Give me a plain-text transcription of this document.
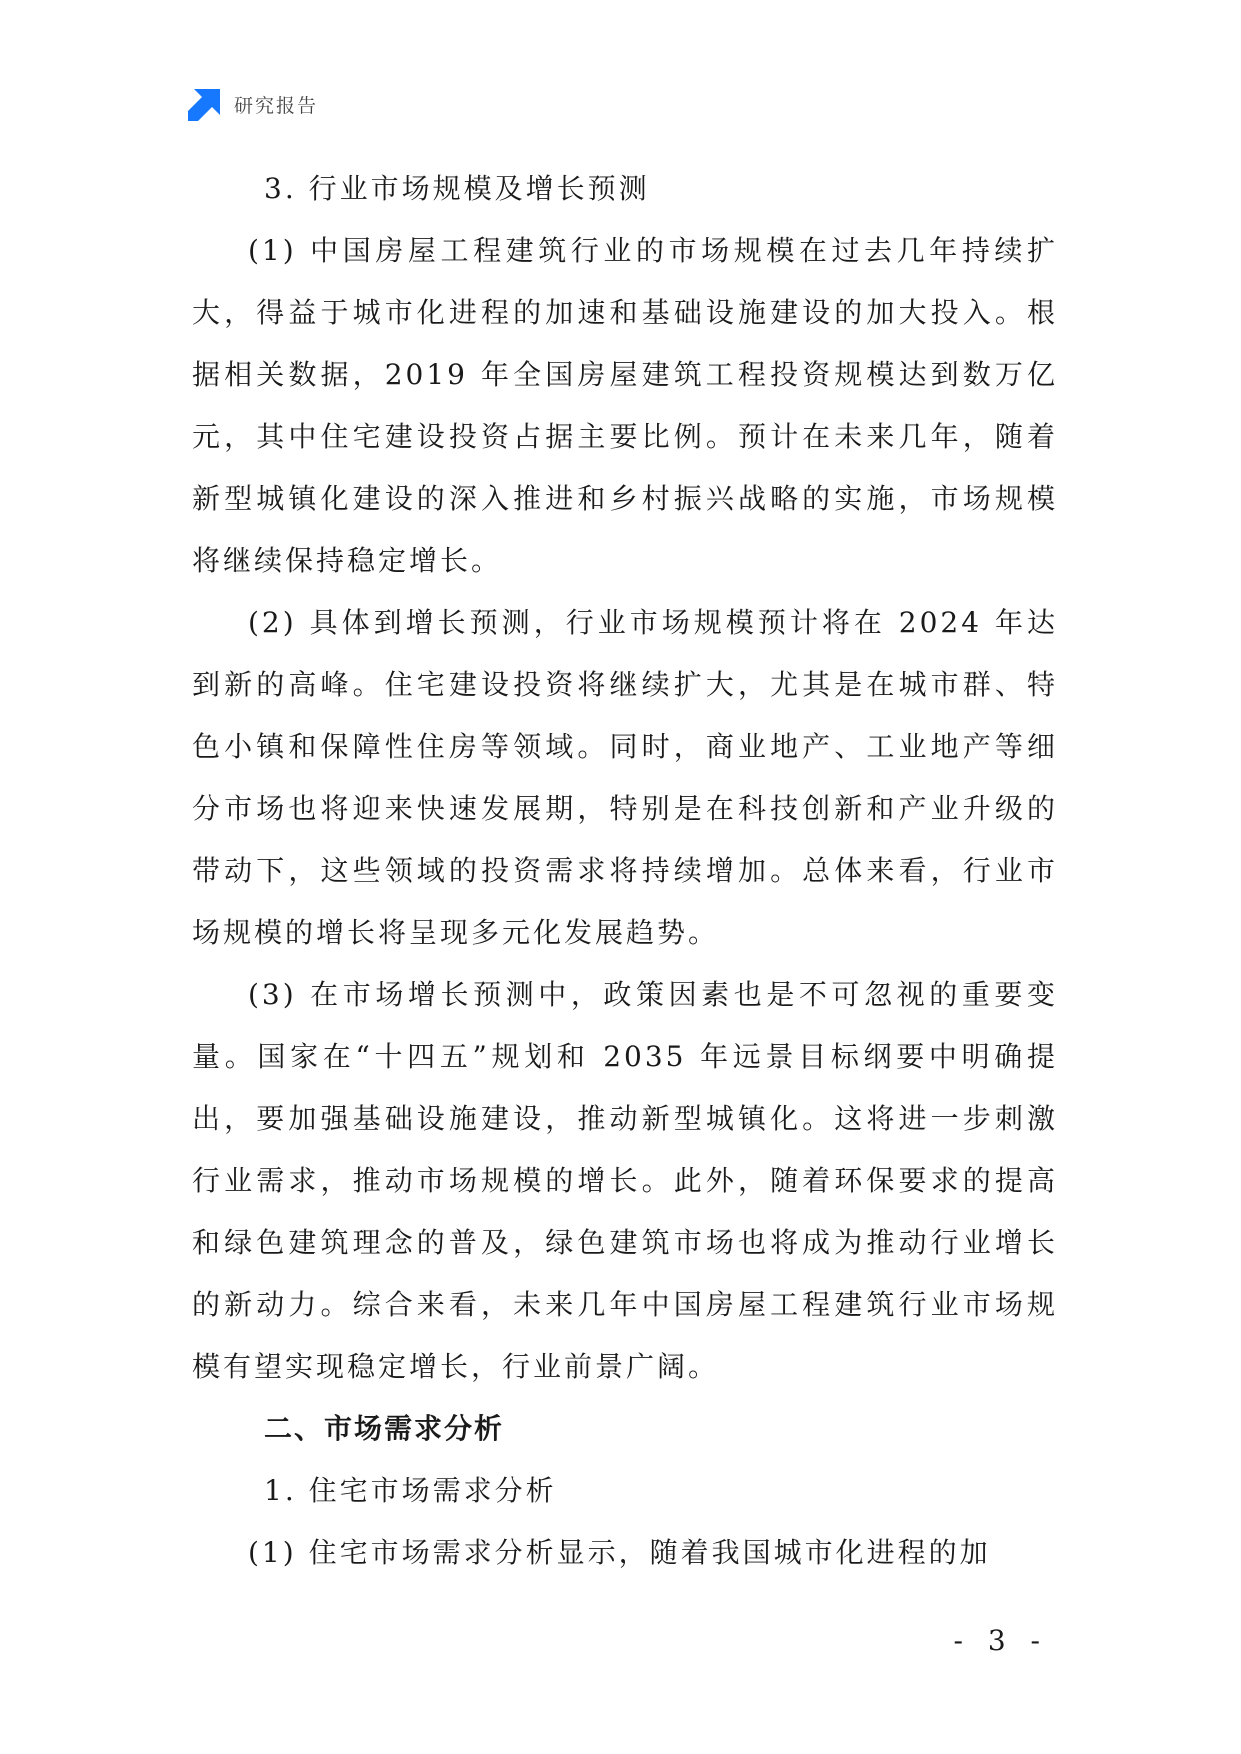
研究报告

3. 行业市场规模及增长预测

(1) 中国房屋工程建筑行业的市场规模在过去几年持续扩大，得益于城市化进程的加速和基础设施建设的加大投入。根据相关数据，2019 年全国房屋建筑工程投资规模达到数万亿元，其中住宅建设投资占据主要比例。预计在未来几年，随着新型城镇化建设的深入推进和乡村振兴战略的实施，市场规模将继续保持稳定增长。

(2) 具体到增长预测，行业市场规模预计将在 2024 年达到新的高峰。住宅建设投资将继续扩大，尤其是在城市群、特色小镇和保障性住房等领域。同时，商业地产、工业地产等细分市场也将迎来快速发展期，特别是在科技创新和产业升级的带动下，这些领域的投资需求将持续增加。总体来看，行业市场规模的增长将呈现多元化发展趋势。

(3) 在市场增长预测中，政策因素也是不可忽视的重要变量。国家在“十四五”规划和 2035 年远景目标纲要中明确提出，要加强基础设施建设，推动新型城镇化。这将进一步刺激行业需求，推动市场规模的增长。此外，随着环保要求的提高和绿色建筑理念的普及，绿色建筑市场也将成为推动行业增长的新动力。综合来看，未来几年中国房屋工程建筑行业市场规模有望实现稳定增长，行业前景广阔。

二、市场需求分析

1. 住宅市场需求分析

(1) 住宅市场需求分析显示，随着我国城市化进程的加

- 3 -
